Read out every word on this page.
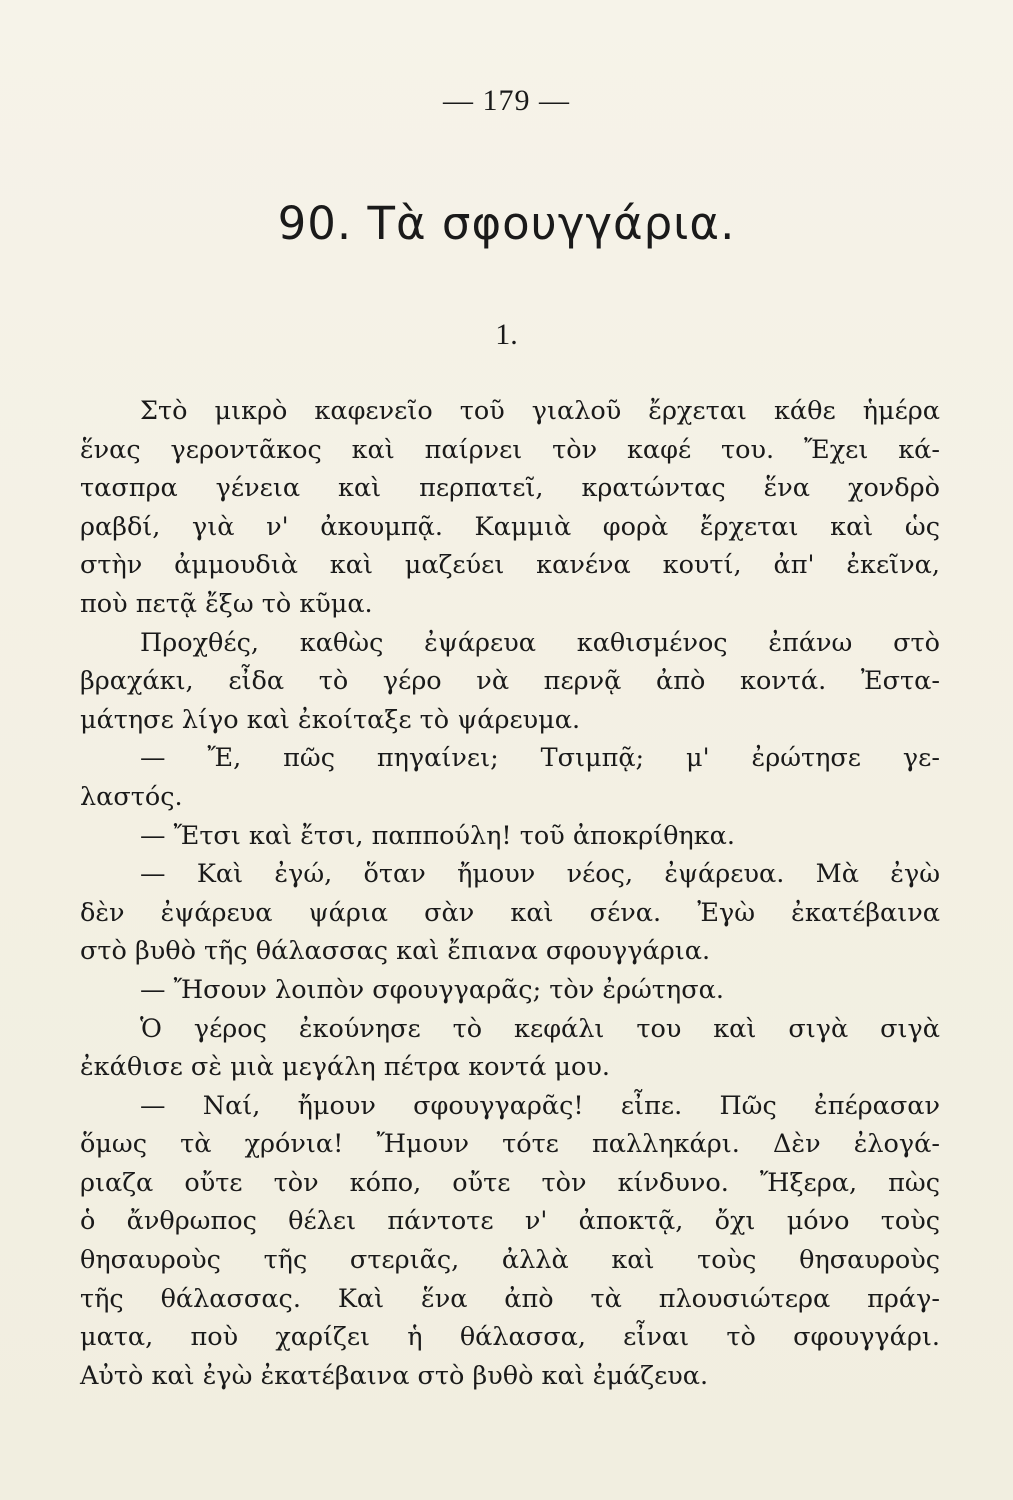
— 179 —
90. Τὰ σφουγγάρια.
1.
Στὸ μικρὸ καφενεῖο τοῦ γιαλοῦ ἔρχεται κάθε ἡμέρα
ἕνας γεροντᾶκος καὶ παίρνει τὸν καφέ του. Ἔχει κά-
τασπρα γένεια καὶ περπατεῖ, κρατώντας ἕνα χονδρὸ
ραβδί, γιὰ ν' ἀκουμπᾷ. Καμμιὰ φορὰ ἔρχεται καὶ ὡς
στὴν ἀμμουδιὰ καὶ μαζεύει κανένα κουτί, ἀπ' ἐκεῖνα,
ποὺ πετᾷ ἔξω τὸ κῦμα.
Προχθές, καθὼς ἐψάρευα καθισμένος ἐπάνω στὸ
βραχάκι, εἶδα τὸ γέρο νὰ περνᾷ ἀπὸ κοντά. Ἐστα-
μάτησε λίγο καὶ ἐκοίταξε τὸ ψάρευμα.
— Ἔ, πῶς πηγαίνει; Τσιμπᾷ; μ' ἐρώτησε γε-
λαστός.
— Ἔτσι καὶ ἔτσι, παππούλη! τοῦ ἀποκρίθηκα.
— Καὶ ἐγώ, ὅταν ἤμουν νέος, ἐψάρευα. Μὰ ἐγὼ
δὲν ἐψάρευα ψάρια σὰν καὶ σένα. Ἐγὼ ἐκατέβαινα
στὸ βυθὸ τῆς θάλασσας καὶ ἔπιανα σφουγγάρια.
— Ἤσουν λοιπὸν σφουγγαρᾶς; τὸν ἐρώτησα.
Ὁ γέρος ἐκούνησε τὸ κεφάλι του καὶ σιγὰ σιγὰ
ἐκάθισε σὲ μιὰ μεγάλη πέτρα κοντά μου.
— Ναί, ἤμουν σφουγγαρᾶς! εἶπε. Πῶς ἐπέρασαν
ὅμως τὰ χρόνια! Ἤμουν τότε παλληκάρι. Δὲν ἐλογά-
ριαζα οὔτε τὸν κόπο, οὔτε τὸν κίνδυνο. Ἤξερα, πὼς
ὁ ἄνθρωπος θέλει πάντοτε ν' ἀποκτᾷ, ὄχι μόνο τοὺς
θησαυροὺς τῆς στεριᾶς, ἀλλὰ καὶ τοὺς θησαυροὺς
τῆς θάλασσας. Καὶ ἕνα ἀπὸ τὰ πλουσιώτερα πράγ-
ματα, ποὺ χαρίζει ἡ θάλασσα, εἶναι τὸ σφουγγάρι.
Αὐτὸ καὶ ἐγὼ ἐκατέβαινα στὸ βυθὸ καὶ ἐμάζευα.
